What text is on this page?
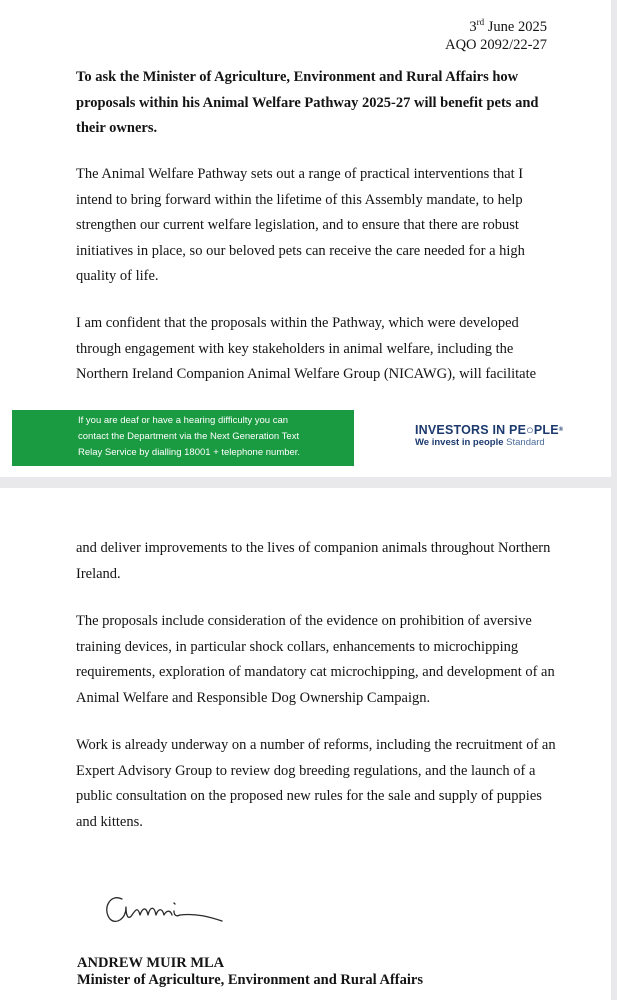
3rd June 2025
AQO 2092/22-27
To ask the Minister of Agriculture, Environment and Rural Affairs how proposals within his Animal Welfare Pathway 2025-27 will benefit pets and their owners.

The Animal Welfare Pathway sets out a range of practical interventions that I intend to bring forward within the lifetime of this Assembly mandate, to help strengthen our current welfare legislation, and to ensure that there are robust initiatives in place, so our beloved pets can receive the care needed for a high quality of life.

I am confident that the proposals within the Pathway, which were developed through engagement with key stakeholders in animal welfare, including the Northern Ireland Companion Animal Welfare Group (NICAWG), will facilitate

If you are deaf or have a hearing difficulty you can
contact the Department via the Next Generation Text
Relay Service by dialling 18001 + telephone number.
INVESTORS IN PE○PLE®
We invest in people Standard

and deliver improvements to the lives of companion animals throughout Northern Ireland.

The proposals include consideration of the evidence on prohibition of aversive training devices, in particular shock collars, enhancements to microchipping requirements, exploration of mandatory cat microchipping, and development of an Animal Welfare and Responsible Dog Ownership Campaign.

Work is already underway on a number of reforms, including the recruitment of an Expert Advisory Group to review dog breeding regulations, and the launch of a public consultation on the proposed new rules for the sale and supply of puppies and kittens.

ANDREW MUIR MLA
Minister of Agriculture, Environment and Rural Affairs
